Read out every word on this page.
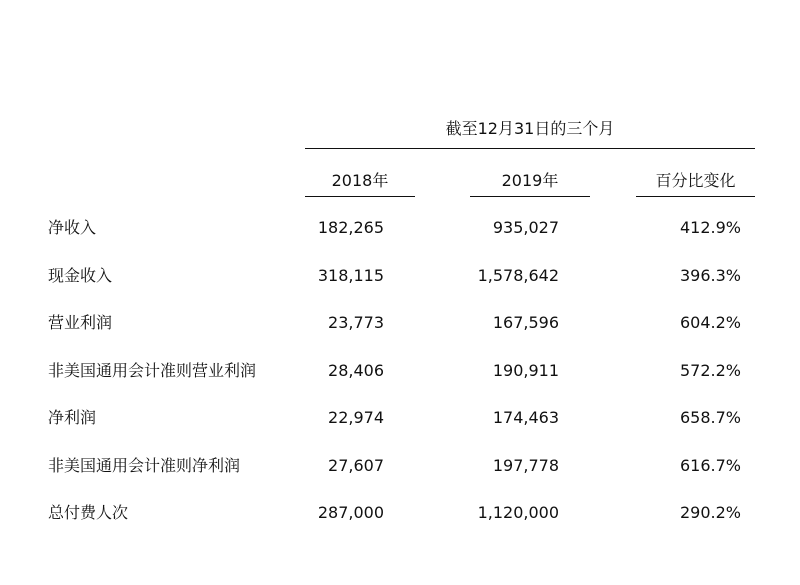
截至12月31日的三个月
2018年	2019年	百分比变化
净收入	182,265	935,027	412.9%
现金收入	318,115	1,578,642	396.3%
营业利润	23,773	167,596	604.2%
非美国通用会计准则营业利润	28,406	190,911	572.2%
净利润	22,974	174,463	658.7%
非美国通用会计准则净利润	27,607	197,778	616.7%
总付费人次	287,000	1,120,000	290.2%
